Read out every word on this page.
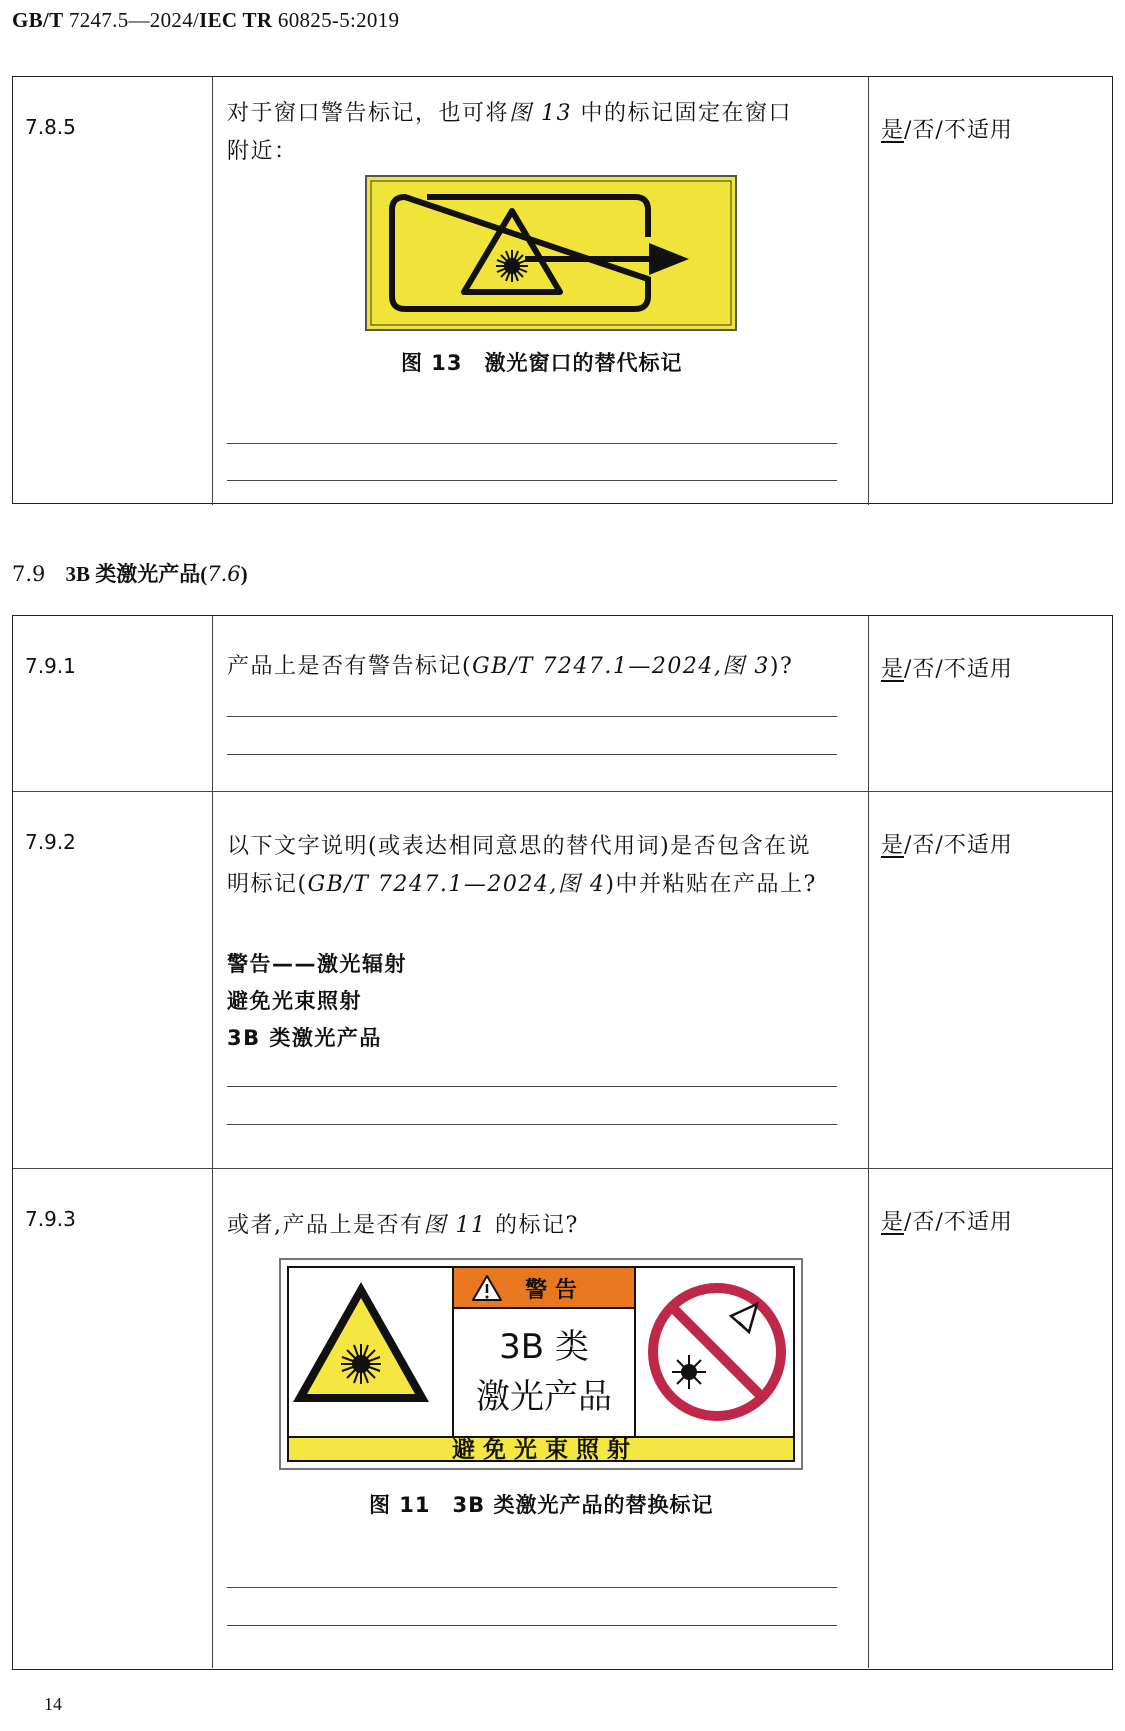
GB/T 7247.5—2024/IEC TR 60825-5:2019
7.8.5
对于窗口警告标记，也可将图 13 中的标记固定在窗口
附近：
图 13　激光窗口的替代标记
是/否/不适用
7.9 3B 类激光产品(7.6)
7.9.1	产品上是否有警告标记(GB/T 7247.1—2024,图 3)?	是/否/不适用
7.9.2	以下文字说明(或表达相同意思的替代用词)是否包含在说
明标记(GB/T 7247.1—2024,图 4)中并粘贴在产品上?
警告——激光辐射
避免光束照射
3B 类激光产品
是/否/不适用
7.9.3	或者,产品上是否有图 11 的标记?
警 告
3B 类
激光产品
避 免 光 束 照 射
图 11　3B 类激光产品的替换标记
是/否/不适用
14
